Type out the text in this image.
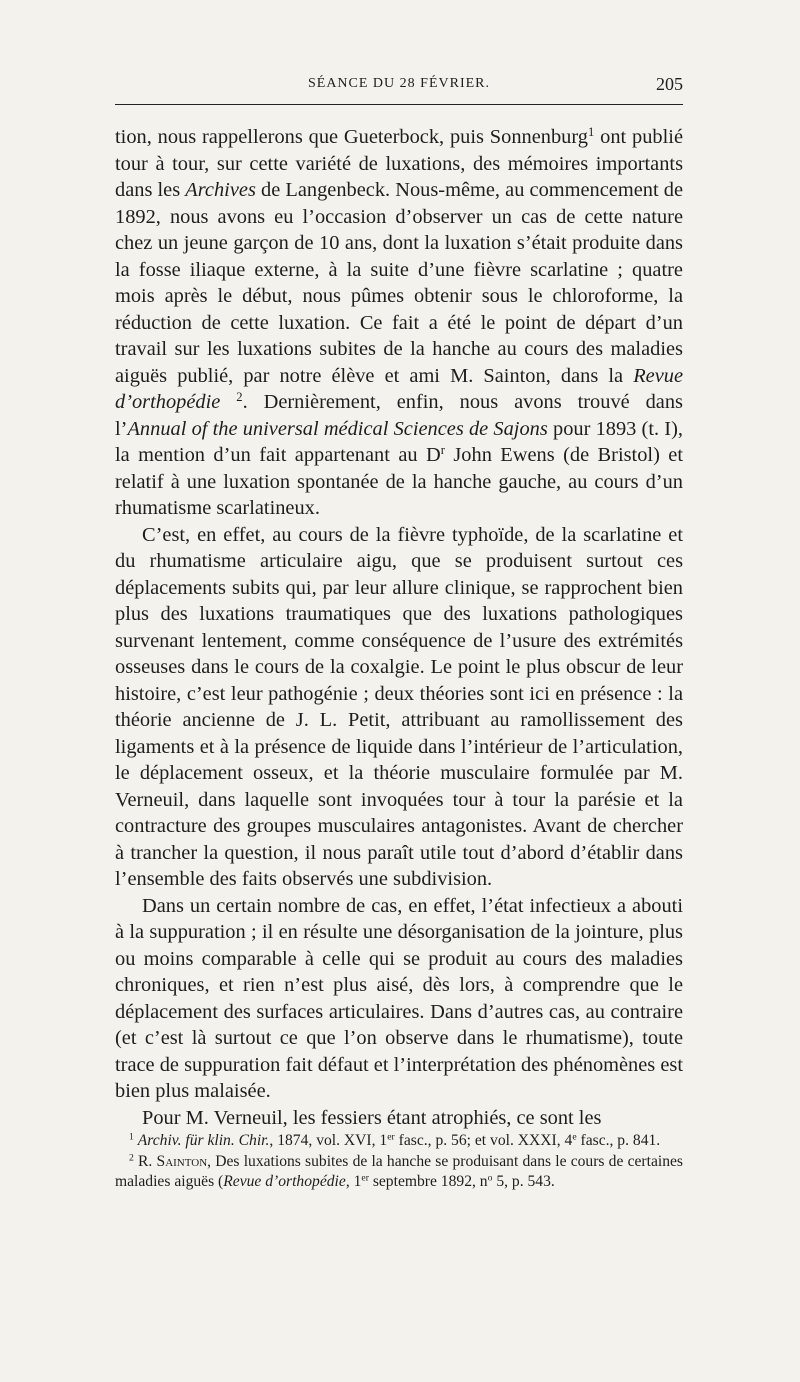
SÉANCE DU 28 FÉVRIER.	205

tion, nous rappellerons que Gueterbock, puis Sonnenburg$^1$ ont publié tour à tour, sur cette variété de luxations, des mémoires importants dans les Archives de Langenbeck. Nous-même, au commencement de 1892, nous avons eu l’occasion d’observer un cas de cette nature chez un jeune garçon de 10 ans, dont la luxation s’était produite dans la fosse iliaque externe, à la suite d’une fièvre scarlatine ; quatre mois après le début, nous pûmes obtenir sous le chloroforme, la réduction de cette luxation. Ce fait a été le point de départ d’un travail sur les luxations subites de la hanche au cours des maladies aiguës publié, par notre élève et ami M. Sainton, dans la Revue d’orthopédie $^2$. Dernièrement, enfin, nous avons trouvé dans l’Annual of the universal médical Sciences de Sajons pour 1893 (t. I), la mention d’un fait appartenant au $D^r$ John Ewens (de Bristol) et relatif à une luxation spontanée de la hanche gauche, au cours d’un rhumatisme scarlatineux.

C’est, en effet, au cours de la fièvre typhoïde, de la scarlatine et du rhumatisme articulaire aigu, que se produisent surtout ces déplacements subits qui, par leur allure clinique, se rapprochent bien plus des luxations traumatiques que des luxations pathologiques survenant lentement, comme conséquence de l’usure des extrémités osseuses dans le cours de la coxalgie. Le point le plus obscur de leur histoire, c’est leur pathogénie ; deux théories sont ici en présence : la théorie ancienne de J. L. Petit, attribuant au ramollissement des ligaments et à la présence de liquide dans l’intérieur de l’articulation, le déplacement osseux, et la théorie musculaire formulée par M. Verneuil, dans laquelle sont invoquées tour à tour la parésie et la contracture des groupes musculaires antagonistes. Avant de chercher à trancher la question, il nous paraît utile tout d’abord d’établir dans l’ensemble des faits observés une subdivision.

Dans un certain nombre de cas, en effet, l’état infectieux a abouti à la suppuration ; il en résulte une désorganisation de la jointure, plus ou moins comparable à celle qui se produit au cours des maladies chroniques, et rien n’est plus aisé, dès lors, à comprendre que le déplacement des surfaces articulaires. Dans d’autres cas, au contraire (et c’est là surtout ce que l’on observe dans le rhumatisme), toute trace de suppuration fait défaut et l’interprétation des phénomènes est bien plus malaisée.

Pour M. Verneuil, les fessiers étant atrophiés, ce sont les

$^1$ Archiv. für klin. Chir., 1874, vol. XVI, 1er fasc., p. 56; et vol. XXXI, 4e fasc., p. 841.

$^2$ R. Sainton, Des luxations subites de la hanche se produisant dans le cours de certaines maladies aiguës (Revue d’orthopédie, 1er septembre 1892, $n^o$ 5, p. 543.
